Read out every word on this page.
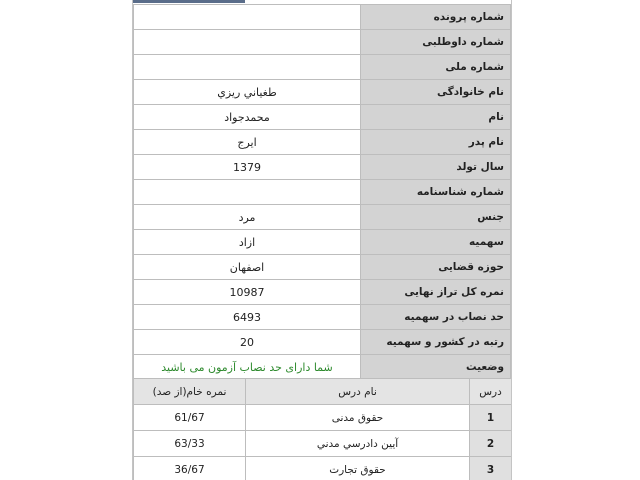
شماره پرونده	
شماره داوطلبی	
شماره ملی	
نام خانوادگی	طغياني ريزي
نام	محمدجواد
نام پدر	ايرج
سال تولد	1379
شماره شناسنامه	
جنس	مرد
سهمیه	ازاد
حوزه قضایی	اصفهان
نمره کل تراز نهایی	10987
حد نصاب در سهمیه	6493
رتبه در کشور و سهمیه	20
وضعیت	شما دارای حد نصاب آزمون می باشید
درس	نام درس	نمره خام(از صد)
1	حقوق مدنی	61/67
2	آيين دادرسي مدني	63/33
3	حقوق تجارت	36/67
